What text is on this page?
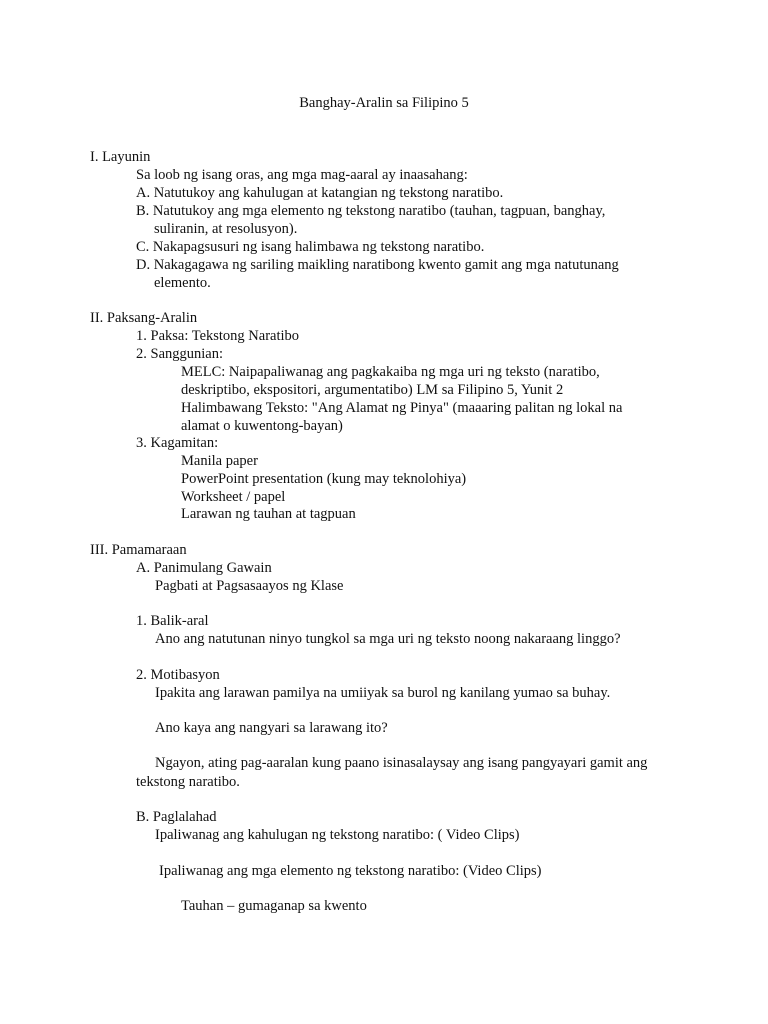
Banghay-Aralin sa Filipino 5
I. Layunin
Sa loob ng isang oras, ang mga mag-aaral ay inaasahang:
A. Natutukoy ang kahulugan at katangian ng tekstong naratibo.
B. Natutukoy ang mga elemento ng tekstong naratibo (tauhan, tagpuan, banghay,
suliranin, at resolusyon).
C. Nakapagsusuri ng isang halimbawa ng tekstong naratibo.
D. Nakagagawa ng sariling maikling naratibong kwento gamit ang mga natutunang
elemento.
II. Paksang-Aralin
1. Paksa: Tekstong Naratibo
2. Sanggunian:
MELC: Naipapaliwanag ang pagkakaiba ng mga uri ng teksto (naratibo,
deskriptibo, ekspositori, argumentatibo) LM sa Filipino 5, Yunit 2
Halimbawang Teksto: "Ang Alamat ng Pinya" (maaaring palitan ng lokal na
alamat o kuwentong-bayan)
3. Kagamitan:
Manila paper
PowerPoint presentation (kung may teknolohiya)
Worksheet / papel
Larawan ng tauhan at tagpuan
III. Pamamaraan
A. Panimulang Gawain
Pagbati at Pagsasaayos ng Klase
1. Balik-aral
Ano ang natutunan ninyo tungkol sa mga uri ng teksto noong nakaraang linggo?
2. Motibasyon
Ipakita ang larawan pamilya na umiiyak sa burol ng kanilang yumao sa buhay.
Ano kaya ang nangyari sa larawang ito?
Ngayon, ating pag-aaralan kung paano isinasalaysay ang isang pangyayari gamit ang
tekstong naratibo.
B. Paglalahad
Ipaliwanag ang kahulugan ng tekstong naratibo: ( Video Clips)
Ipaliwanag ang mga elemento ng tekstong naratibo: (Video Clips)
Tauhan – gumaganap sa kwento
